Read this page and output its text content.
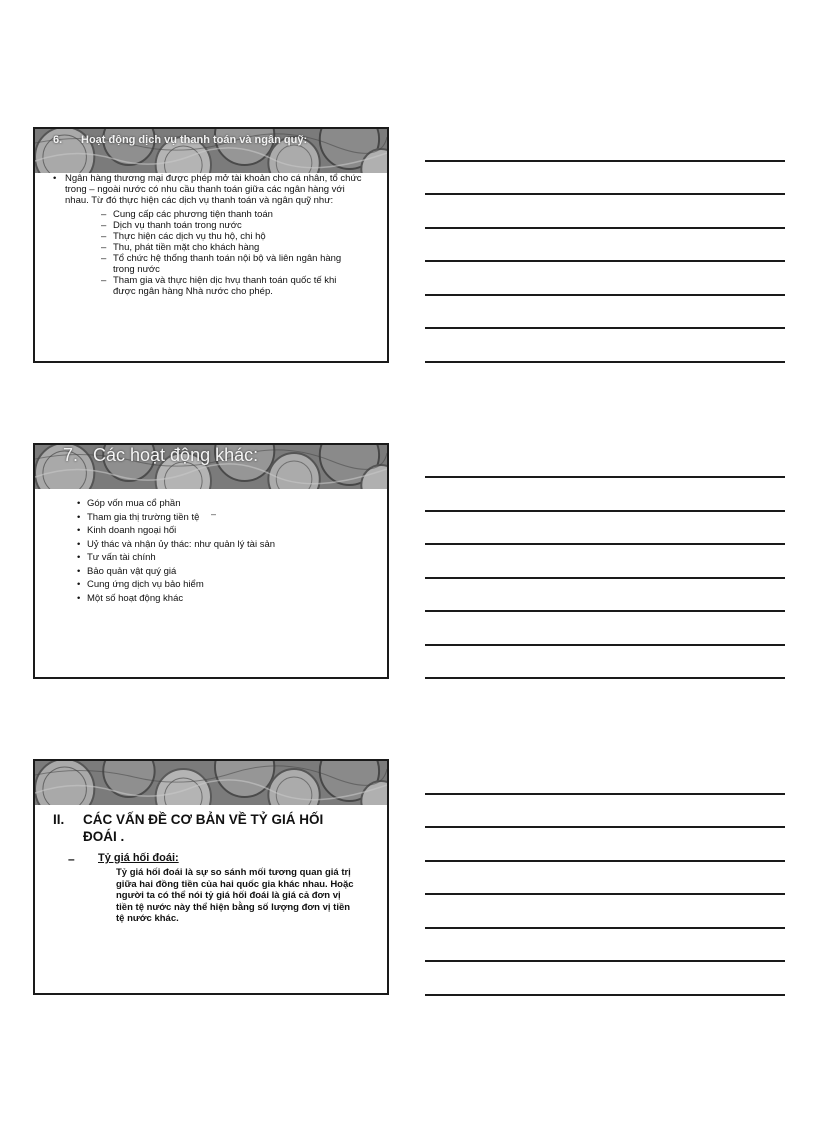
6.	Hoạt động dịch vụ thanh toán và ngân quỹ:
• Ngân hàng thương mại được phép mở tài khoản cho cá nhân, tổ chức trong – ngoài nước có nhu cầu thanh toán giữa các ngân hàng với nhau. Từ đó thực hiện các dịch vụ thanh toán và ngân quỹ như:
– Cung cấp các phương tiện thanh toán
– Dịch vụ thanh toán trong nước
– Thực hiện các dịch vụ thu hộ, chi hộ
– Thu, phát tiền mặt cho khách hàng
– Tổ chức hệ thống thanh toán nội bộ và liên ngân hàng trong nước
– Tham gia và thực hiện dịc hvụ thanh toán quốc tế khi được ngân hàng Nhà nước cho phép.
7. Các hoạt động khác:
–
• Góp vốn mua cổ phần
• Tham gia thị trường tiền tệ
• Kinh doanh ngoại hối
• Uỷ thác và nhận ủy thác: như quản lý tài sản
• Tư vấn tài chính
• Bảo quản vật quý giá
• Cung ứng dịch vụ bảo hiểm
• Một số hoạt động khác
II. CÁC VẤN ĐỀ CƠ BẢN VỀ TỶ GIÁ HỐI ĐOÁI .
– Tỷ giá hối đoái:
Tỷ giá hối đoái là sự so sánh mối tương quan giá trị giữa hai đồng tiền của hai quốc gia khác nhau. Hoặc người ta có thể nói tỷ giá hối đoái là giá cả đơn vị tiền tệ nước này thể hiện bằng số lượng đơn vị tiền tệ nước khác.
